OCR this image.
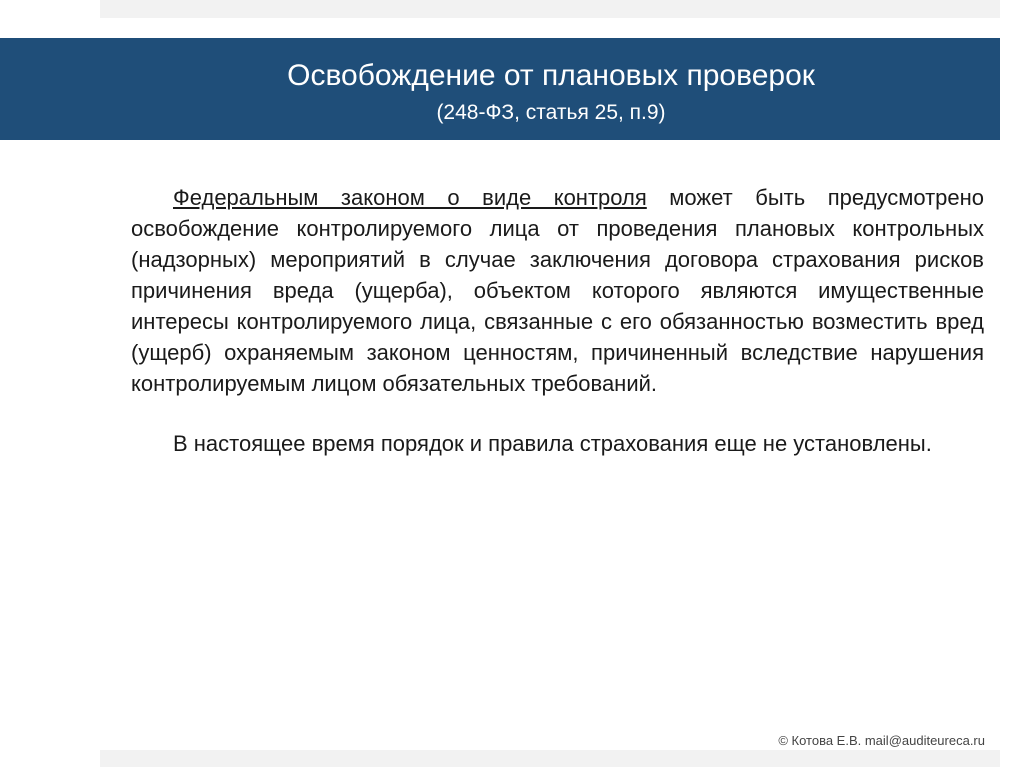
Освобождение от плановых проверок
(248-ФЗ, статья 25, п.9)

Федеральным законом о виде контроля может быть предусмотрено освобождение контролируемого лица от проведения плановых контрольных (надзорных) мероприятий в случае заключения договора страхования рисков причинения вреда (ущерба), объектом которого являются имущественные интересы контролируемого лица, связанные с его обязанностью возместить вред (ущерб) охраняемым законом ценностям, причиненный вследствие нарушения контролируемым лицом обязательных требований.

В настоящее время порядок и правила страхования еще не установлены.

© Котова Е.В. mail@auditeureca.ru
